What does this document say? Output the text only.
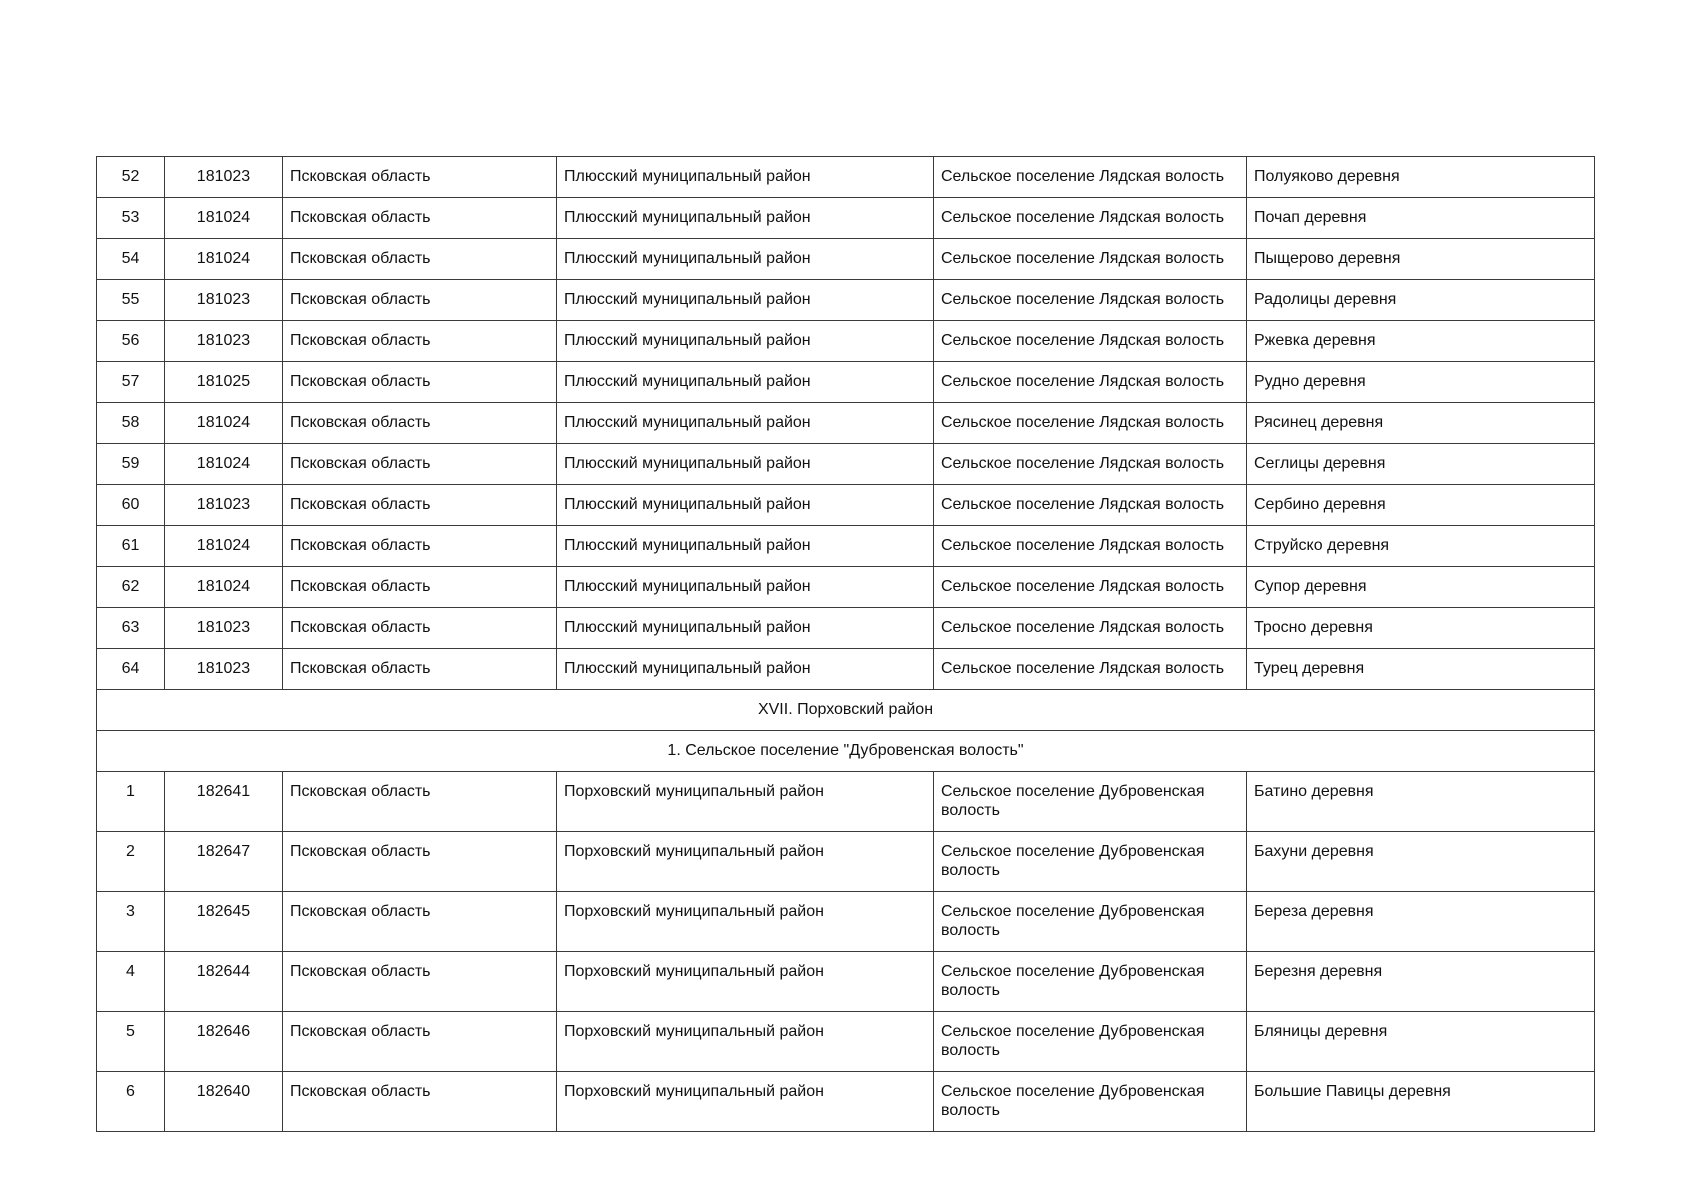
52	181023	Псковская область	Плюсский муниципальный район	Сельское поселение Лядская волость	Полуяково деревня
53	181024	Псковская область	Плюсский муниципальный район	Сельское поселение Лядская волость	Почап деревня
54	181024	Псковская область	Плюсский муниципальный район	Сельское поселение Лядская волость	Пыщерово деревня
55	181023	Псковская область	Плюсский муниципальный район	Сельское поселение Лядская волость	Радолицы деревня
56	181023	Псковская область	Плюсский муниципальный район	Сельское поселение Лядская волость	Ржевка деревня
57	181025	Псковская область	Плюсский муниципальный район	Сельское поселение Лядская волость	Рудно деревня
58	181024	Псковская область	Плюсский муниципальный район	Сельское поселение Лядская волость	Рясинец деревня
59	181024	Псковская область	Плюсский муниципальный район	Сельское поселение Лядская волость	Сеглицы деревня
60	181023	Псковская область	Плюсский муниципальный район	Сельское поселение Лядская волость	Сербино деревня
61	181024	Псковская область	Плюсский муниципальный район	Сельское поселение Лядская волость	Струйско деревня
62	181024	Псковская область	Плюсский муниципальный район	Сельское поселение Лядская волость	Супор деревня
63	181023	Псковская область	Плюсский муниципальный район	Сельское поселение Лядская волость	Тросно деревня
64	181023	Псковская область	Плюсский муниципальный район	Сельское поселение Лядская волость	Турец деревня
XVII. Порховский район					
1. Сельское поселение "Дубровенская волость"					
1	182641	Псковская область	Порховский муниципальный район	Сельское поселение Дубровенская волость	Батино деревня
2	182647	Псковская область	Порховский муниципальный район	Сельское поселение Дубровенская волость	Бахуни деревня
3	182645	Псковская область	Порховский муниципальный район	Сельское поселение Дубровенская волость	Береза деревня
4	182644	Псковская область	Порховский муниципальный район	Сельское поселение Дубровенская волость	Березня деревня
5	182646	Псковская область	Порховский муниципальный район	Сельское поселение Дубровенская волость	Бляницы деревня
6	182640	Псковская область	Порховский муниципальный район	Сельское поселение Дубровенская волость	Большие Павицы деревня
